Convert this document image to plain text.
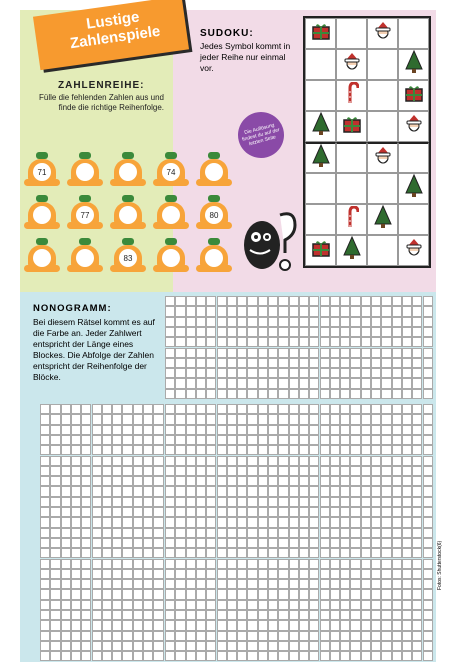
Lustige Zahlenspiele
ZAHLENREIHE:
Fülle die fehlenden Zahlen aus und finde die richtige Reihenfolge.
SUDOKU:
Jedes Symbol kommt in jeder Reihe nur einmal vor.
Die Auflösung findest du auf der letzten Seite
71	74
77	80
83
NONOGRAMM:
Bei diesem Rätsel kommt es auf die Farbe an. Jeder Zahlwert entspricht der Länge eines Blockes. Die Abfolge der Zahlen entspricht der Reihenfolge der Blöcke.
Fotos: Shutterstock(6)
